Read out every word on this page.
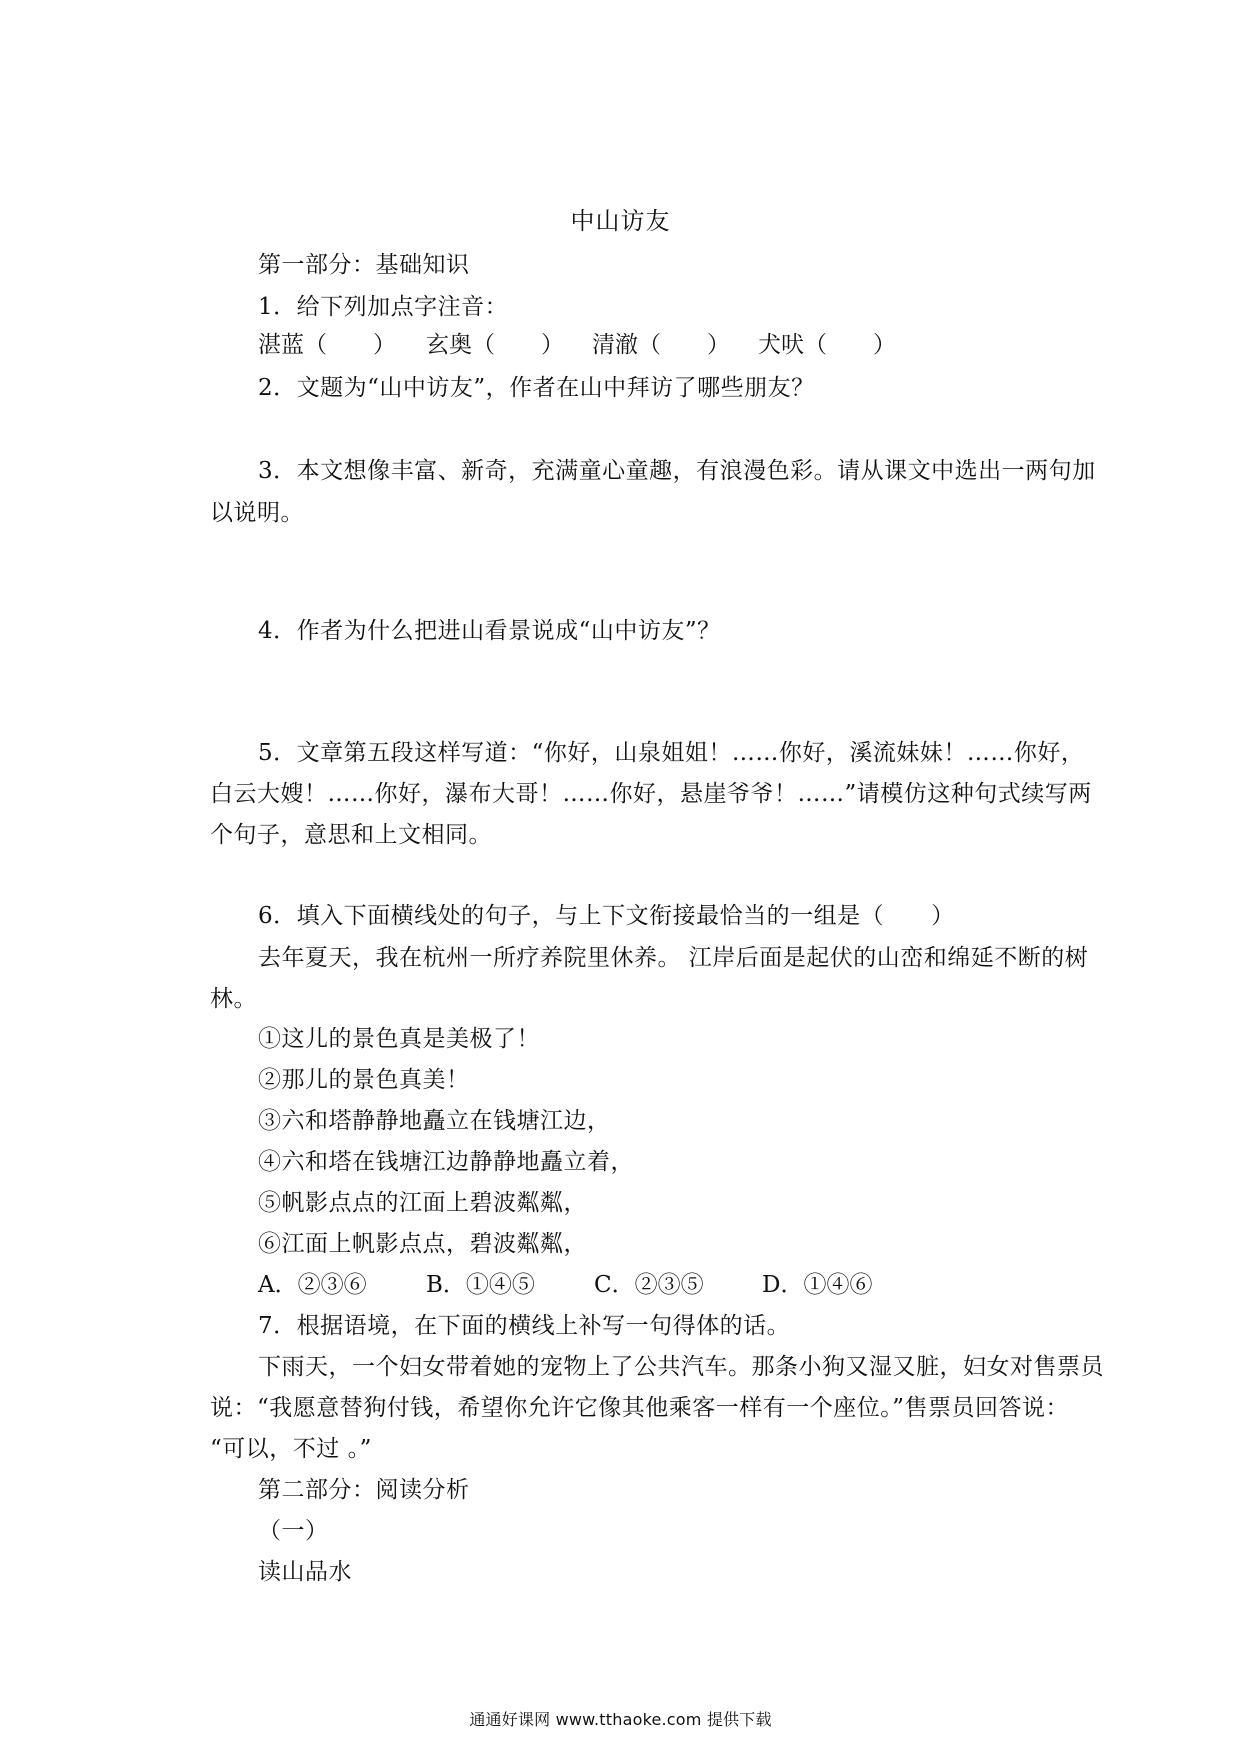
中山访友
第一部分：基础知识
1．给下列加点字注音：
湛蓝（　　） 玄奥（　　） 清澈（　　） 犬吠（　　）
2．文题为“山中访友”，作者在山中拜访了哪些朋友？
3．本文想像丰富、新奇，充满童心童趣，有浪漫色彩。请从课文中选出一两句加
以说明。
4．作者为什么把进山看景说成“山中访友”？
5．文章第五段这样写道：“你好，山泉姐姐！……你好，溪流妹妹！……你好，
白云大嫂！……你好，瀑布大哥！……你好，悬崖爷爷！……”请模仿这种句式续写两
个句子，意思和上文相同。
6．填入下面横线处的句子，与上下文衔接最恰当的一组是（　　）
去年夏天，我在杭州一所疗养院里休养。 江岸后面是起伏的山峦和绵延不断的树
林。
①这儿的景色真是美极了！
②那儿的景色真美！
③六和塔静静地矗立在钱塘江边，
④六和塔在钱塘江边静静地矗立着，
⑤帆影点点的江面上碧波粼粼，
⑥江面上帆影点点，碧波粼粼，
A．②③⑥	B．①④⑤	C．②③⑤	D．①④⑥
7．根据语境，在下面的横线上补写一句得体的话。
下雨天，一个妇女带着她的宠物上了公共汽车。那条小狗又湿又脏，妇女对售票员
说：“我愿意替狗付钱，希望你允许它像其他乘客一样有一个座位。”售票员回答说：
“可以，不过 。”
第二部分：阅读分析
（一）
读山品水
通通好课网 www.tthaoke.com 提供下载
